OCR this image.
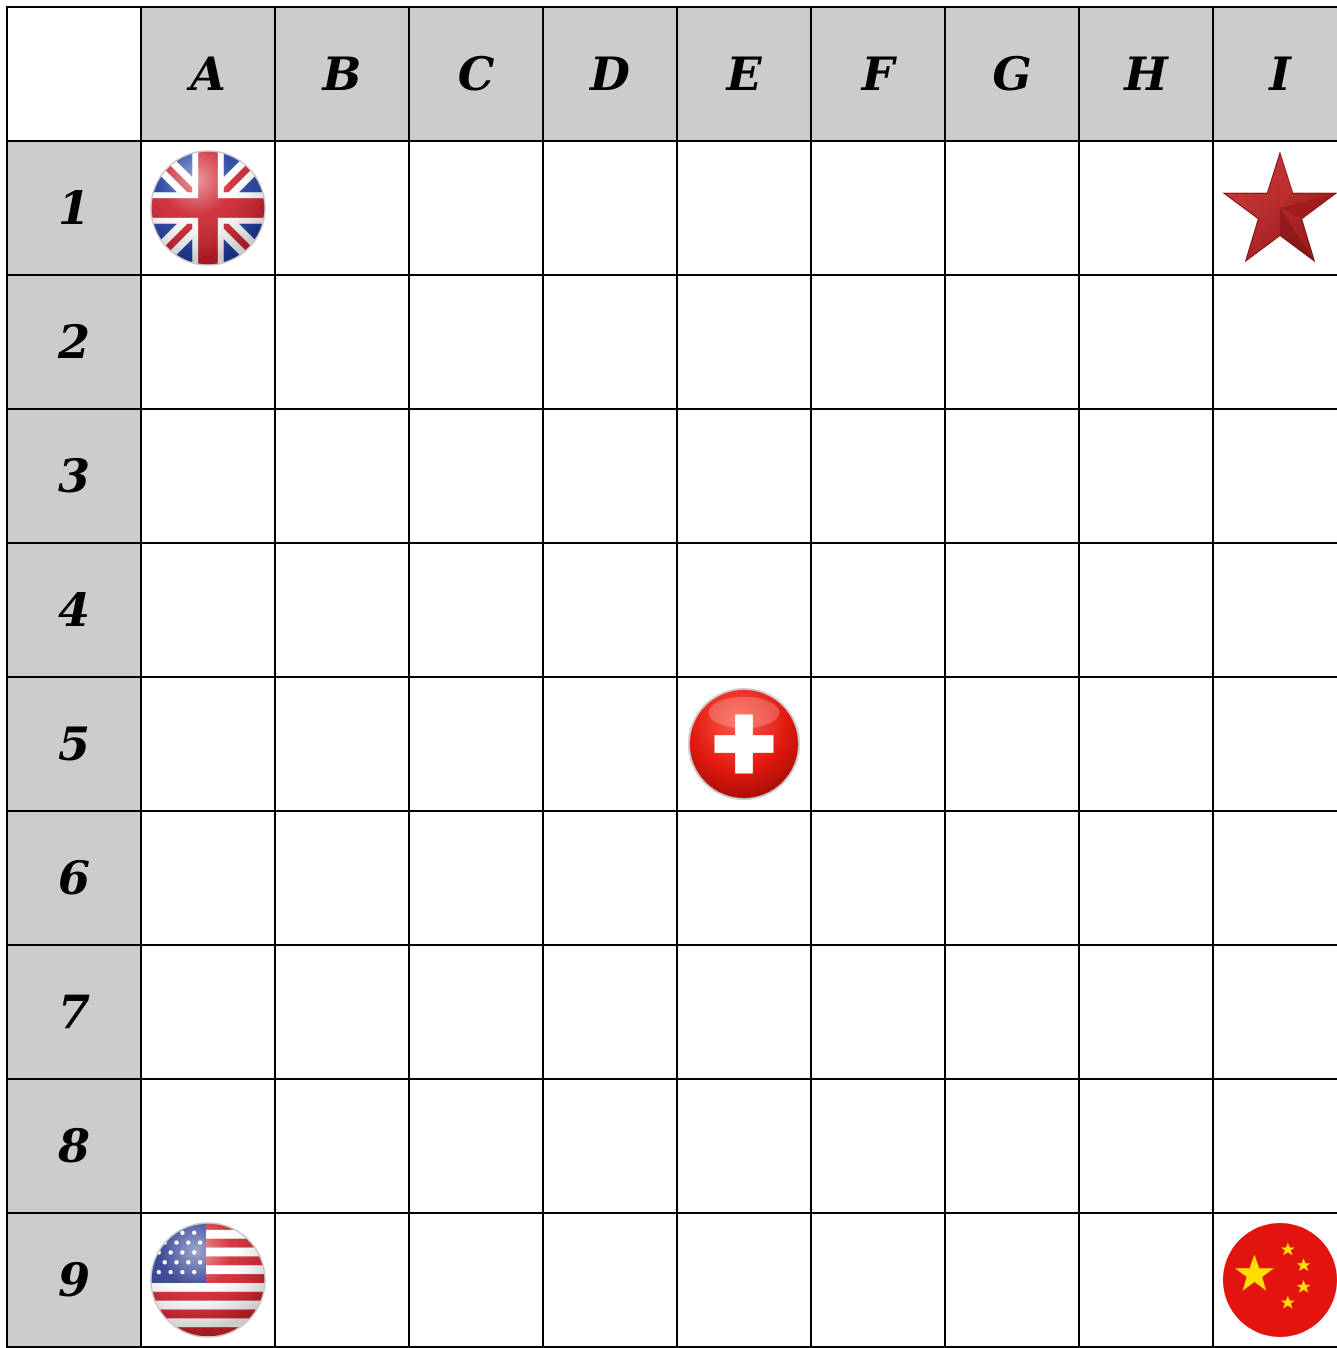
A B C D E F G H I
1
2
3
4
5
6
7
8
9
